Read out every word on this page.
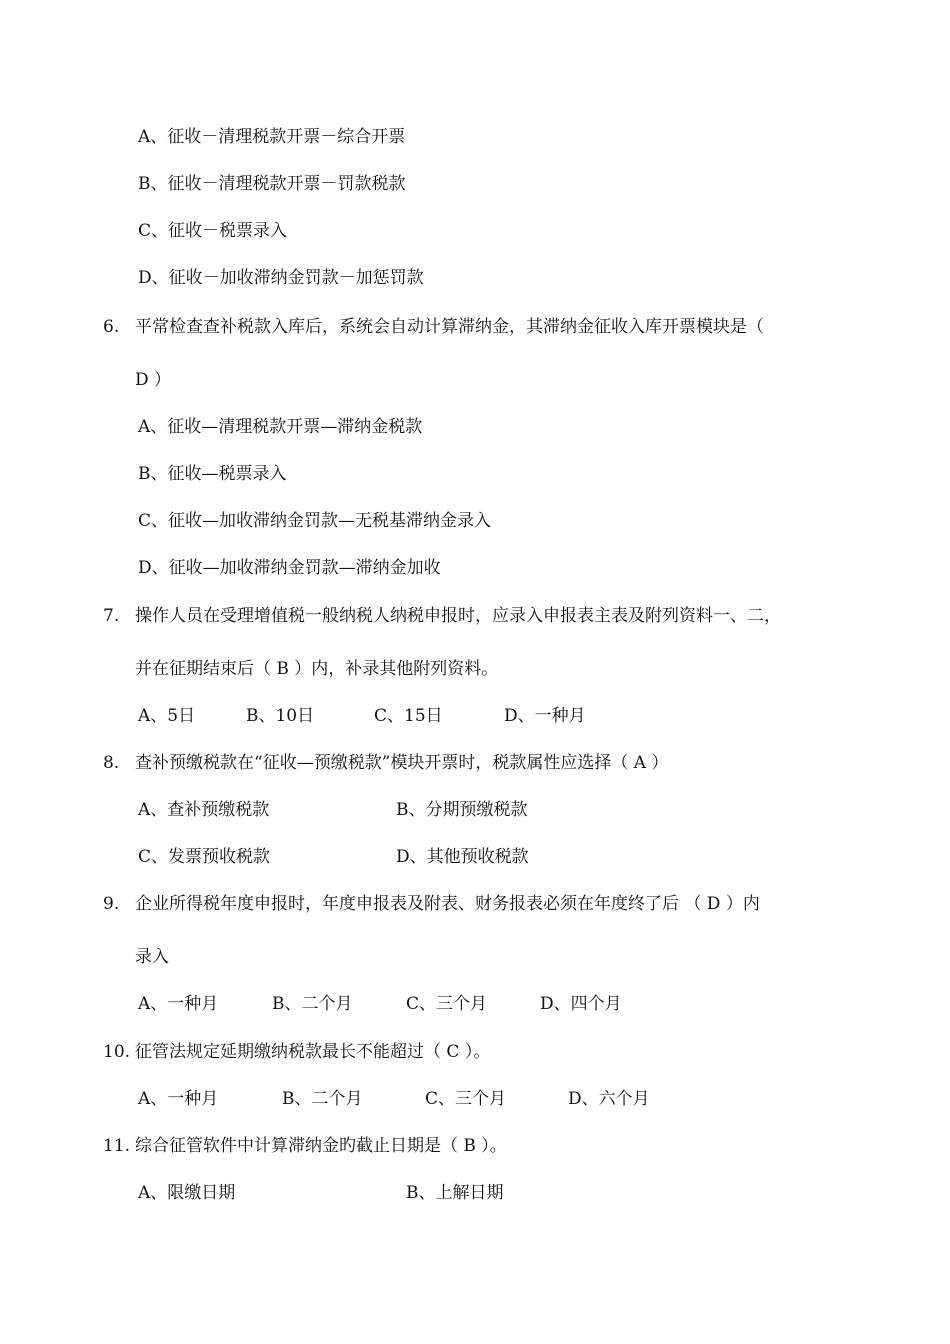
A、征收－清理税款开票－综合开票
B、征收－清理税款开票－罚款税款
C、征收－税票录入
D、征收－加收滞纳金罚款－加惩罚款
6. 平常检查查补税款入库后，系统会自动计算滞纳金，其滞纳金征收入库开票模块是（
D ）
A、征收—清理税款开票—滞纳金税款
B、征收—税票录入
C、征收—加收滞纳金罚款—无税基滞纳金录入
D、征收—加收滞纳金罚款—滞纳金加收
7. 操作人员在受理增值税一般纳税人纳税申报时，应录入申报表主表及附列资料一、二，
并在征期结束后（ B ）内，补录其他附列资料。
A、5日	B、10日	C、15日	D、一种月
8. 查补预缴税款在“征收—预缴税款”模块开票时，税款属性应选择（ A ）
A、查补预缴税款	B、分期预缴税款
C、发票预收税款	D、其他预收税款
9. 企业所得税年度申报时，年度申报表及附表、财务报表必须在年度终了后 （ D ）内
录入
A、一种月	B、二个月	C、三个月	D、四个月
10. 征管法规定延期缴纳税款最长不能超过（ C ）。
A、一种月	B、二个月	C、三个月	D、六个月
11. 综合征管软件中计算滞纳金旳截止日期是（ B ）。
A、限缴日期	B、上解日期
